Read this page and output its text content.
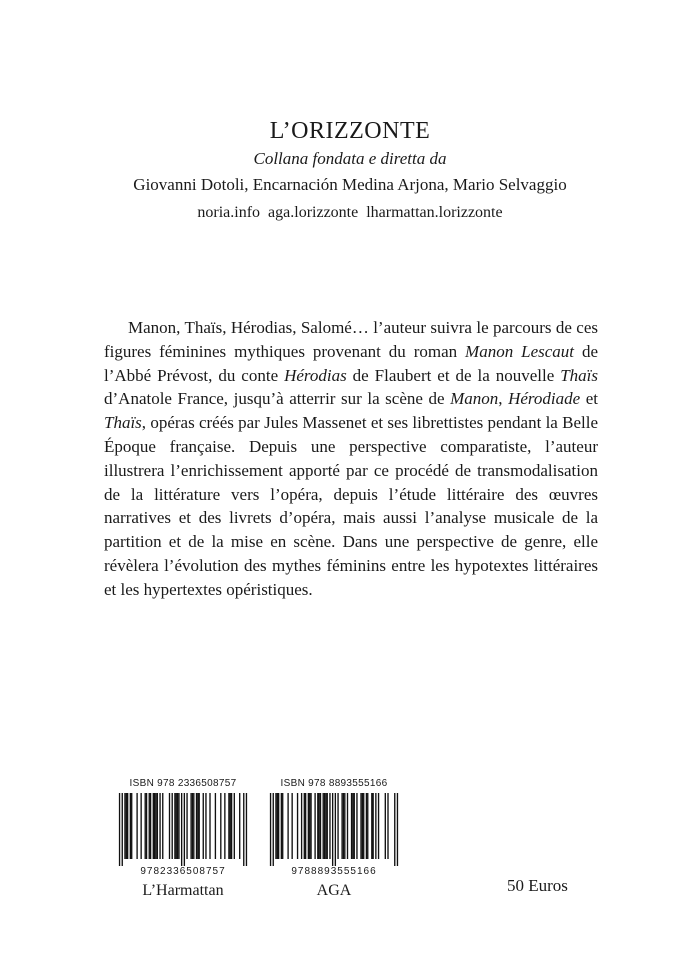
L’ORIZZONTE

Collana fondata e diretta da

Giovanni Dotoli, Encarnación Medina Arjona, Mario Selvaggio

noria.info aga.lorizzonte lharmattan.lorizzonte

Manon, Thaïs, Hérodias, Salomé… l’auteur suivra le parcours de ces figures féminines mythiques provenant du roman Manon Lescaut de l’Abbé Prévost, du conte Hérodias de Flaubert et de la nouvelle Thaïs d’Anatole France, jusqu’à atterrir sur la scène de Manon, Hérodiade et Thaïs, opéras créés par Jules Massenet et ses librettistes pendant la Belle Époque française. Depuis une perspective comparatiste, l’auteur illustrera l’enrichissement apporté par ce procédé de transmodalisation de la littérature vers l’opéra, depuis l’étude littéraire des œuvres narratives et des livrets d’opéra, mais aussi l’analyse musicale de la partition et de la mise en scène. Dans une perspective de genre, elle révèlera l’évolution des mythes féminins entre les hypotextes littéraires et les hypertextes opéristiques.
ISBN 978 2336508757
9782336508757
L’Harmattan
ISBN 978 8893555166
9788893555166
AGA	50 Euros
